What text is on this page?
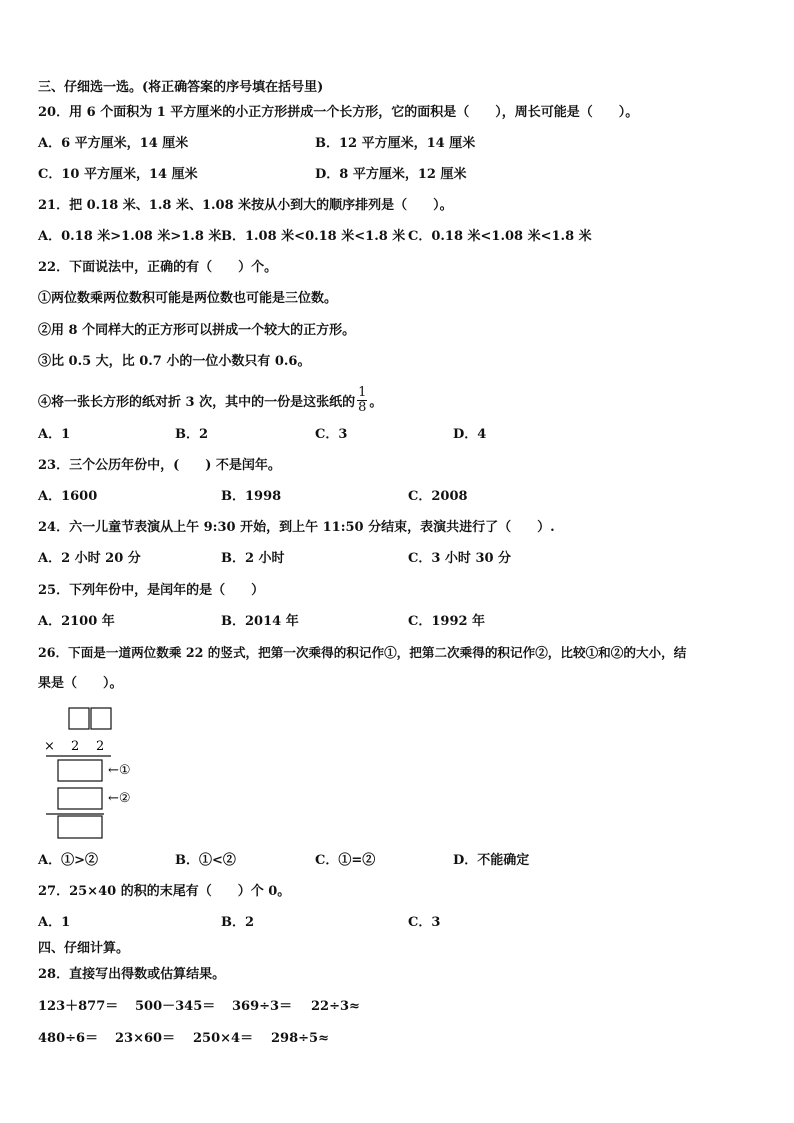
三、仔细选一选。(将正确答案的序号填在括号里)
20．用 6 个面积为 1 平方厘米的小正方形拼成一个长方形，它的面积是（　　），周长可能是（　　）。
A．6 平方厘米，14 厘米	B．12 平方厘米，14 厘米
C．10 平方厘米，14 厘米	D．8 平方厘米，12 厘米
21．把 0.18 米、1.8 米、1.08 米按从小到大的顺序排列是（　　）。
A．0.18 米>1.08 米>1.8 米 B．1.08 米<0.18 米<1.8 米 C．0.18 米<1.08 米<1.8 米
22．下面说法中，正确的有（　　）个。
①两位数乘两位数积可能是两位数也可能是三位数。
②用 8 个同样大的正方形可以拼成一个较大的正方形。
③比 0.5 大，比 0.7 小的一位小数只有 0.6。
④将一张长方形的纸对折 3 次，其中的一份是这张纸的 $\frac{1}{8}$ 。
A．1	B．2	C．3	D．4
23．三个公历年份中，(　　) 不是闰年。
A．1600	B．1998	C．2008
24．六一儿童节表演从上午 9:30 开始，到上午 11:50 分结束，表演共进行了（　　）.
A．2 小时 20 分	B．2 小时	C．3 小时 30 分
25．下列年份中，是闰年的是（　　）
A．2100 年	B．2014 年	C．1992 年
26．下面是一道两位数乘 22 的竖式，把第一次乘得的积记作①，把第二次乘得的积记作②，比较①和②的大小，结
果是（　　）。
× 2 2
←①
←②
A．①>②	B．①<②	C．①=②	D．不能确定
27．25×40 的积的末尾有（　　）个 0。
A．1	B．2	C．3
四、仔细计算。
28．直接写出得数或估算结果。
123＋877＝ 500－345＝ 369÷3＝ 22÷3≈
480÷6＝ 23×60＝ 250×4＝ 298÷5≈
